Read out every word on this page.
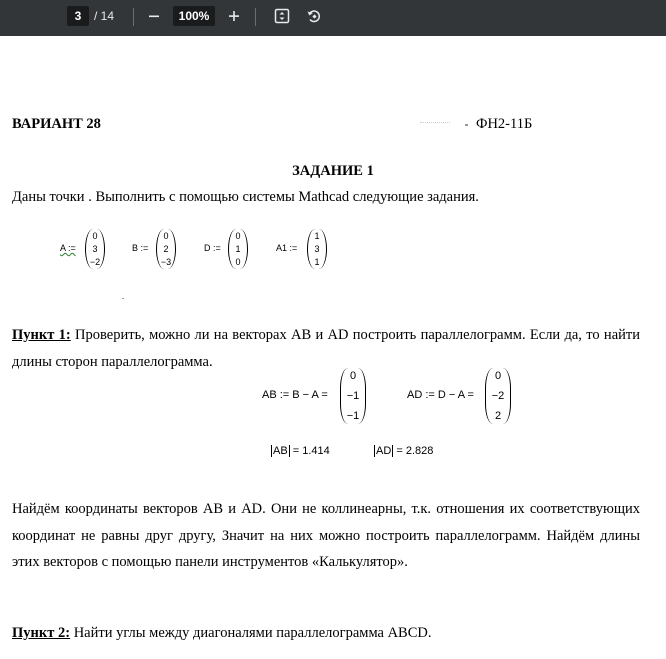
3	/ 14	100%
ВАРИАНТ 28	ФН2-11Б
ЗАДАНИЕ 1
Даны точки . Выполнить с помощью системы Mathcad следующие задания.
A :=
0
3
−2
B :=
0
2
−3
D :=
0
1
0
A1 :=
1
3
1
Пункт 1: Проверить, можно ли на векторах AB и AD построить параллелограмм. Если да, то найти длины сторон параллелограмма.
AB := B − A =
0
−1
−1
AD := D − A =
0
−2
2
AB = 1.414	AD = 2.828
Найдём координаты векторов AB и AD. Они не коллинеарны, т.к. отношения их соответствующих координат не равны друг другу, Значит на них можно построить параллелограмм. Найдём длины этих векторов с помощью панели инструментов «Калькулятор».
Пункт 2: Найти углы между диагоналями параллелограмма ABCD.
